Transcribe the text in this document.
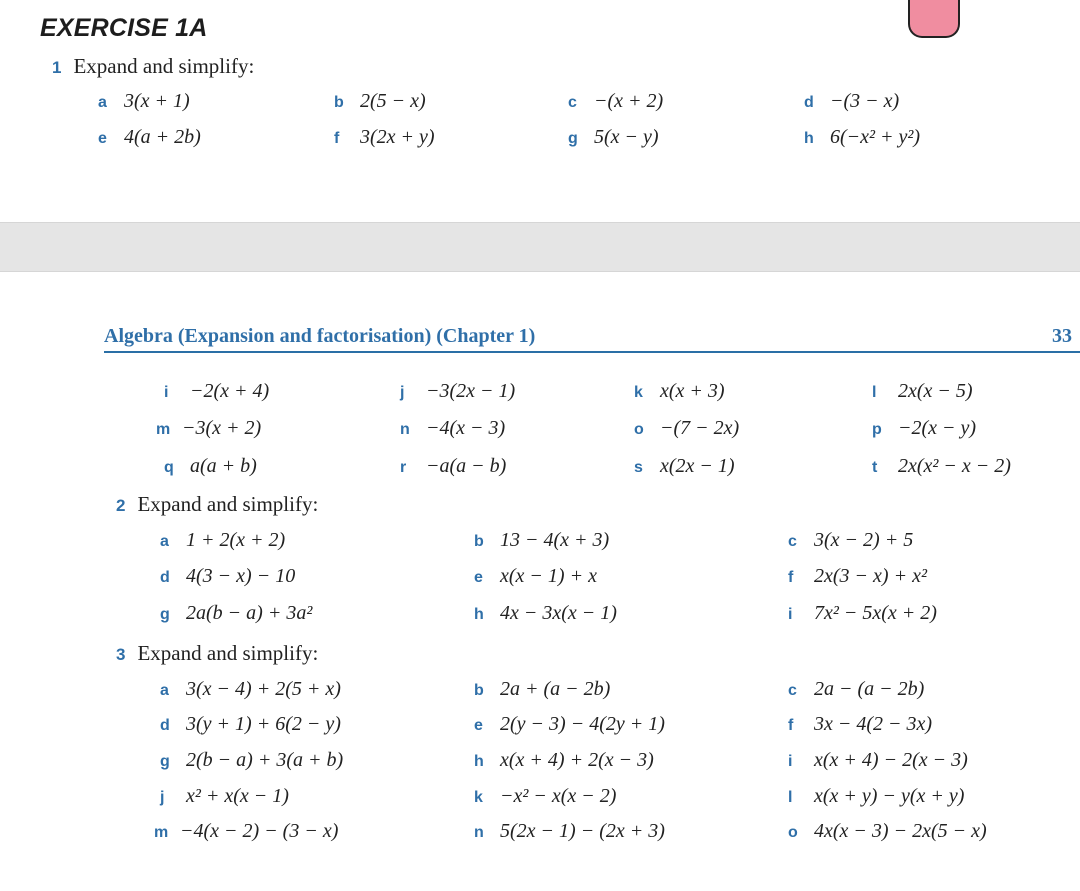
EXERCISE 1A
1 Expand and simplify:
a 3(x + 1)	b 2(5 − x)	c −(x + 2)	d −(3 − x)
e 4(a + 2b)	f 3(2x + y)	g 5(x − y)	h 6(−x² + y²)
Algebra (Expansion and factorisation) (Chapter 1)	33
i −2(x + 4)	j −3(2x − 1)	k x(x + 3)	l 2x(x − 5)
m −3(x + 2)	n −4(x − 3)	o −(7 − 2x)	p −2(x − y)
q a(a + b)	r −a(a − b)	s x(2x − 1)	t 2x(x² − x − 2)
2 Expand and simplify:
a 1 + 2(x + 2)	b 13 − 4(x + 3)	c 3(x − 2) + 5
d 4(3 − x) − 10	e x(x − 1) + x	f 2x(3 − x) + x²
g 2a(b − a) + 3a²	h 4x − 3x(x − 1)	i 7x² − 5x(x + 2)
3 Expand and simplify:
a 3(x − 4) + 2(5 + x)	b 2a + (a − 2b)	c 2a − (a − 2b)
d 3(y + 1) + 6(2 − y)	e 2(y − 3) − 4(2y + 1)	f 3x − 4(2 − 3x)
g 2(b − a) + 3(a + b)	h x(x + 4) + 2(x − 3)	i x(x + 4) − 2(x − 3)
j x² + x(x − 1)	k −x² − x(x − 2)	l x(x + y) − y(x + y)
m −4(x − 2) − (3 − x)	n 5(2x − 1) − (2x + 3)	o 4x(x − 3) − 2x(5 − x)
